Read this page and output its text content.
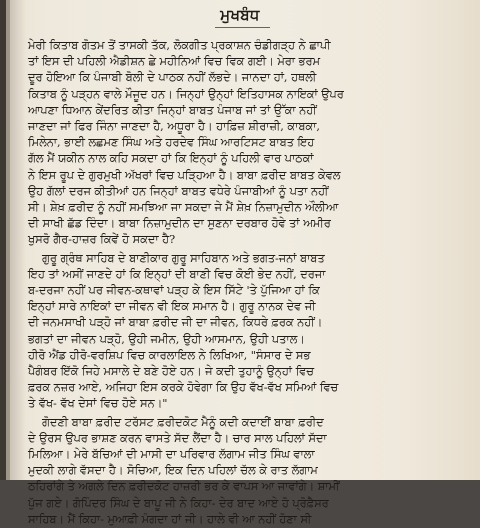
ਮੁਖਬੰਧ
ਮੇਰੀ ਕਿਤਾਬ ਗੋਤਮ ਤੋਂ ਤਾਸਕੀ ਤੱਕ, ਲੋਕਗੀਤ ਪ੍ਰਕਾਸ਼ਨ ਚੰਡੀਗੜ੍ਹ ਨੇ ਛਾਪੀ
ਤਾਂ ਇਸ ਦੀ ਪਹਿਲੀ ਐਡੀਸ਼ਨ ਛੇ ਮਹੀਨਿਆਂ ਵਿਚ ਵਿਕ ਗਈ। ਮੇਰਾ ਭਰਮ
ਦੂਰ ਹੋਇਆ ਕਿ ਪੰਜਾਬੀ ਬੋਲੀ ਦੇ ਪਾਠਕ ਨਹੀਂ ਲੱਭਦੇ। ਜਾਨਦਾ ਹਾਂ, ਹਥਲੀ
ਕਿਤਾਬ ਨੂੰ ਪੜ੍ਹਨ ਵਾਲੇ ਮੌਜੂਦ ਹਨ। ਜਿਨ੍ਹਾਂ ਉਨ੍ਹਾਂ ਇਤਿਹਾਸਕ ਨਾਇਕਾਂ ਉਪਰ
ਆਪਣਾ ਧਿਆਨ ਕੇਂਦਰਿਤ ਕੀਤਾ ਜਿਨ੍ਹਾਂ ਬਾਬਤ ਪੰਜਾਬ ਜਾਂ ਤਾਂ ਉੱਕਾ ਨਹੀਂ
ਜਾਣਦਾ ਜਾਂ ਫਿਰ ਜਿੰਨਾ ਜਾਣਦਾ ਹੈ, ਅਧੂਰਾ ਹੈ। ਹਾਫ਼ਿਜ਼ ਸ਼ੀਰਾਜ਼ੀ, ਕਾਬਕਾ,
ਮਿਲੇਨਾ, ਭਾਈ ਲਛਮਣ ਸਿੰਘ ਅਤੇ ਹਰਦੇਵ ਸਿੰਘ ਆਰਟਿਸਟ ਬਾਬਤ ਇਹ
ਗੱਲ ਮੈਂ ਯਕੀਨ ਨਾਲ ਕਹਿ ਸਕਦਾ ਹਾਂ ਕਿ ਇਨ੍ਹਾਂ ਨੂੰ ਪਹਿਲੀ ਵਾਰ ਪਾਠਕਾਂ
ਨੇ ਇਸ ਰੂਪ ਦੇ ਗੁਰਮੁਖੀ ਅੱਖਰਾਂ ਵਿਚ ਪੜ੍ਹਿਆ ਹੈ। ਬਾਬਾ ਫ਼ਰੀਦ ਬਾਬਤ ਕੇਵਲ
ਉਹ ਗੱਲਾਂ ਦਰਜ ਕੀਤੀਆਂ ਹਨ ਜਿਨ੍ਹਾਂ ਬਾਬਤ ਵਧੇਰੇ ਪੰਜਾਬੀਆਂ ਨੂੰ ਪਤਾ ਨਹੀਂ
ਸੀ। ਸ਼ੇਖ਼ ਫ਼ਰੀਦ ਨੂੰ ਨਹੀਂ ਸਮਝਿਆ ਜਾ ਸਕਦਾ ਜੇ ਮੈਂ ਸ਼ੇਖ਼ ਨਿਜ਼ਾਮੁਦੀਨ ਔਲੀਆ
ਦੀ ਸਾਖੀ ਛੱਡ ਦਿੰਦਾ। ਬਾਬਾ ਨਿਜ਼ਾਮੁਦੀਨ ਦਾ ਸੁਣਨਾ ਦਰਬਾਰ ਹੋਵੇ ਤਾਂ ਅਮੀਰ
ਖੁਸਰੋ ਗੈਰ-ਹਾਜ਼ਰ ਕਿਵੇਂ ਹੋ ਸਕਦਾ ਹੈ?
ਗੁਰੂ ਗ੍ਰੰਥ ਸਾਹਿਬ ਦੇ ਬਾਣੀਕਾਰ ਗੁਰੂ ਸਾਹਿਬਾਨ ਅਤੇ ਭਗਤ-ਜਨਾਂ ਬਾਬਤ
ਇਹ ਤਾਂ ਅਸੀਂ ਜਾਣਦੇ ਹਾਂ ਕਿ ਇਨ੍ਹਾਂ ਦੀ ਬਾਣੀ ਵਿਚ ਕੋਈ ਭੇਦ ਨਹੀਂ, ਦਰਜਾ
ਬ-ਦਰਜਾ ਨਹੀਂ ਪਰ ਜੀਵਨ-ਕਥਾਵਾਂ ਪੜ੍ਹ ਕੇ ਇਸ ਸਿੱਟੇ 'ਤੇ ਪੁੱਜਿਆ ਹਾਂ ਕਿ
ਇਨ੍ਹਾਂ ਸਾਰੇ ਨਾਇਕਾਂ ਦਾ ਜੀਵਨ ਵੀ ਇਕ ਸਮਾਨ ਹੈ। ਗੁਰੂ ਨਾਨਕ ਦੇਵ ਜੀ
ਦੀ ਜਨਮਸਾਖੀ ਪੜ੍ਹੋ ਜਾਂ ਬਾਬਾ ਫ਼ਰੀਦ ਜੀ ਦਾ ਜੀਵਨ, ਕਿਧਰੇ ਫ਼ਰਕ ਨਹੀਂ।
ਭਗਤਾਂ ਦਾ ਜੀਵਨ ਪੜ੍ਹੋ, ਉਹੀ ਜਮੀਨ, ਉਹੀ ਆਸਮਾਨ, ਉਹੀ ਪਤਾਲ।
ਹੀਰੋ ਐਂਡ ਹੀਰੋ-ਵਰਸ਼ਿਪ ਵਿਚ ਕਾਰਲਾਇਲ ਨੇ ਲਿਖਿਆ, "ਸੰਸਾਰ ਦੇ ਸਭ
ਪੈਗੰਬਰ ਇੱਕੋ ਜਿਹੇ ਮਸਾਲੇ ਦੇ ਬਣੇ ਹੋਏ ਹਨ। ਜੇ ਕਦੀ ਤੁਹਾਨੂੰ ਉਨ੍ਹਾਂ ਵਿਚ
ਫ਼ਰਕ ਨਜ਼ਰ ਆਏ, ਅਜਿਹਾ ਇਸ ਕਰਕੇ ਹੋਵੇਗਾ ਕਿ ਉਹ ਵੱਖ-ਵੱਖ ਸਮਿਆਂ ਵਿਚ
ਤੇ ਵੱਖ- ਵੱਖ ਦੇਸਾਂ ਵਿਚ ਹੋਏ ਸਨ।"
ਗੋਦਣੀ ਬਾਬਾ ਫ਼ਰੀਦ ਟਰੱਸਟ ਫ਼ਰੀਦਕੋਟ ਮੈਨੂੰ ਕਦੀ ਕਦਾਈਂ ਬਾਬਾ ਫ਼ਰੀਦ
ਦੇ ਉਰਸ ਉਪਰ ਭਾਸ਼ਣ ਕਰਨ ਵਾਸਤੇ ਸੱਦ ਲੈਂਦਾ ਹੈ। ਚਾਰ ਸਾਲ ਪਹਿਲਾਂ ਸੱਦਾ
ਮਿਲਿਆ। ਮੇਰੇ ਬੱਚਿਆਂ ਦੀ ਮਾਸੀ ਦਾ ਪਰਿਵਾਰ ਲੱਗਾਮ ਜੀਤ ਸਿੰਘ ਵਾਲਾ
ਮੁਦਕੀ ਲਾਗੇ ਵੱਸਦਾ ਹੈ। ਸੋਚਿਆ, ਇਕ ਦਿਨ ਪਹਿਲਾਂ ਚੱਲ ਕੇ ਰਾਤ ਲੱਗਾਮ
ਠਹਿਰਾਂਗੇ ਤੇ ਅਗਲੇ ਦਿਨ ਫ਼ਰੀਦਕੋਟ ਹਾਜ਼ਰੀ ਭਰ ਕੇ ਵਾਪਸ ਆ ਜਾਵਾਂਗੇ। ਸ਼ਾਮੀਂ
ਪੁੱਜ ਗਏ। ਗੋਪਿੰਦਰ ਸਿੰਘ ਦੇ ਬਾਪੂ ਜੀ ਨੇ ਕਿਹਾ- ਦੇਰ ਬਾਦ ਆਏ ਹੋ ਪ੍ਰੋਫ਼ੈਸਰ
ਸਾਹਿਬ। ਮੈਂ ਕਿਹਾ- ਮੁਆਫ਼ੀ ਮੰਗਦਾ ਹਾਂ ਜੀ। ਹਾਲੇ ਵੀ ਆ ਨਹੀਂ ਹੋਣਾ ਸੀ
